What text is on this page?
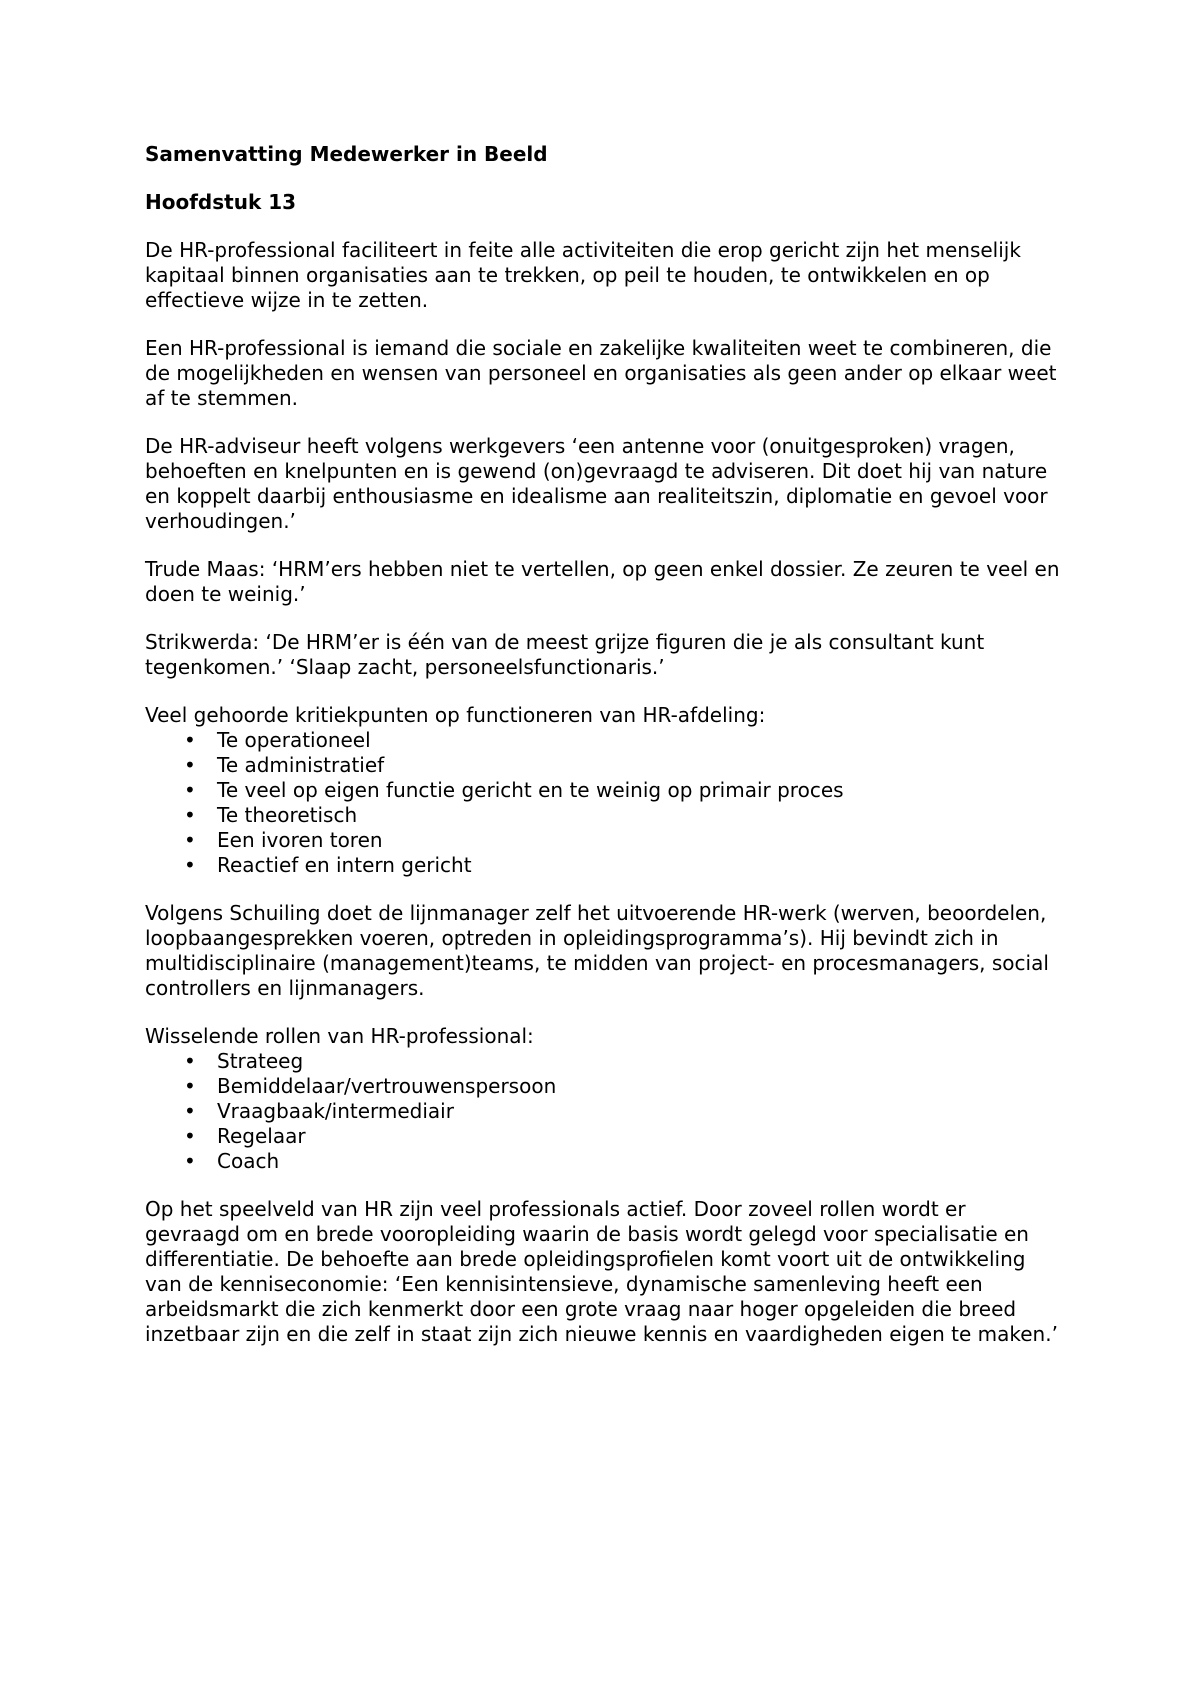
Samenvatting Medewerker in Beeld
Hoofdstuk 13

De HR-professional faciliteert in feite alle activiteiten die erop gericht zijn het menselijk kapitaal binnen organisaties aan te trekken, op peil te houden, te ontwikkelen en op effectieve wijze in te zetten.

Een HR-professional is iemand die sociale en zakelijke kwaliteiten weet te combineren, die de mogelijkheden en wensen van personeel en organisaties als geen ander op elkaar weet af te stemmen.

De HR-adviseur heeft volgens werkgevers ‘een antenne voor (onuitgesproken) vragen, behoeften en knelpunten en is gewend (on)gevraagd te adviseren. Dit doet hij van nature en koppelt daarbij enthousiasme en idealisme aan realiteitszin, diplomatie en gevoel voor verhoudingen.’

Trude Maas: ‘HRM’ers hebben niet te vertellen, op geen enkel dossier. Ze zeuren te veel en doen te weinig.’

Strikwerda: ‘De HRM’er is één van de meest grijze figuren die je als consultant kunt tegenkomen.’ ‘Slaap zacht, personeelsfunctionaris.’

Veel gehoorde kritiekpunten op functioneren van HR-afdeling:

• Te operationeel
• Te administratief
• Te veel op eigen functie gericht en te weinig op primair proces
• Te theoretisch
• Een ivoren toren
• Reactief en intern gericht

Volgens Schuiling doet de lijnmanager zelf het uitvoerende HR-werk (werven, beoordelen, loopbaangesprekken voeren, optreden in opleidingsprogramma’s). Hij bevindt zich in multidisciplinaire (management)teams, te midden van project- en procesmanagers, social controllers en lijnmanagers.

Wisselende rollen van HR-professional:

• Strateeg
• Bemiddelaar/vertrouwenspersoon
• Vraagbaak/intermediair
• Regelaar
• Coach

Op het speelveld van HR zijn veel professionals actief. Door zoveel rollen wordt er gevraagd om en brede vooropleiding waarin de basis wordt gelegd voor specialisatie en differentiatie. De behoefte aan brede opleidingsprofielen komt voort uit de ontwikkeling van de kenniseconomie: ‘Een kennisintensieve, dynamische samenleving heeft een arbeidsmarkt die zich kenmerkt door een grote vraag naar hoger opgeleiden die breed inzetbaar zijn en die zelf in staat zijn zich nieuwe kennis en vaardigheden eigen te maken.’
